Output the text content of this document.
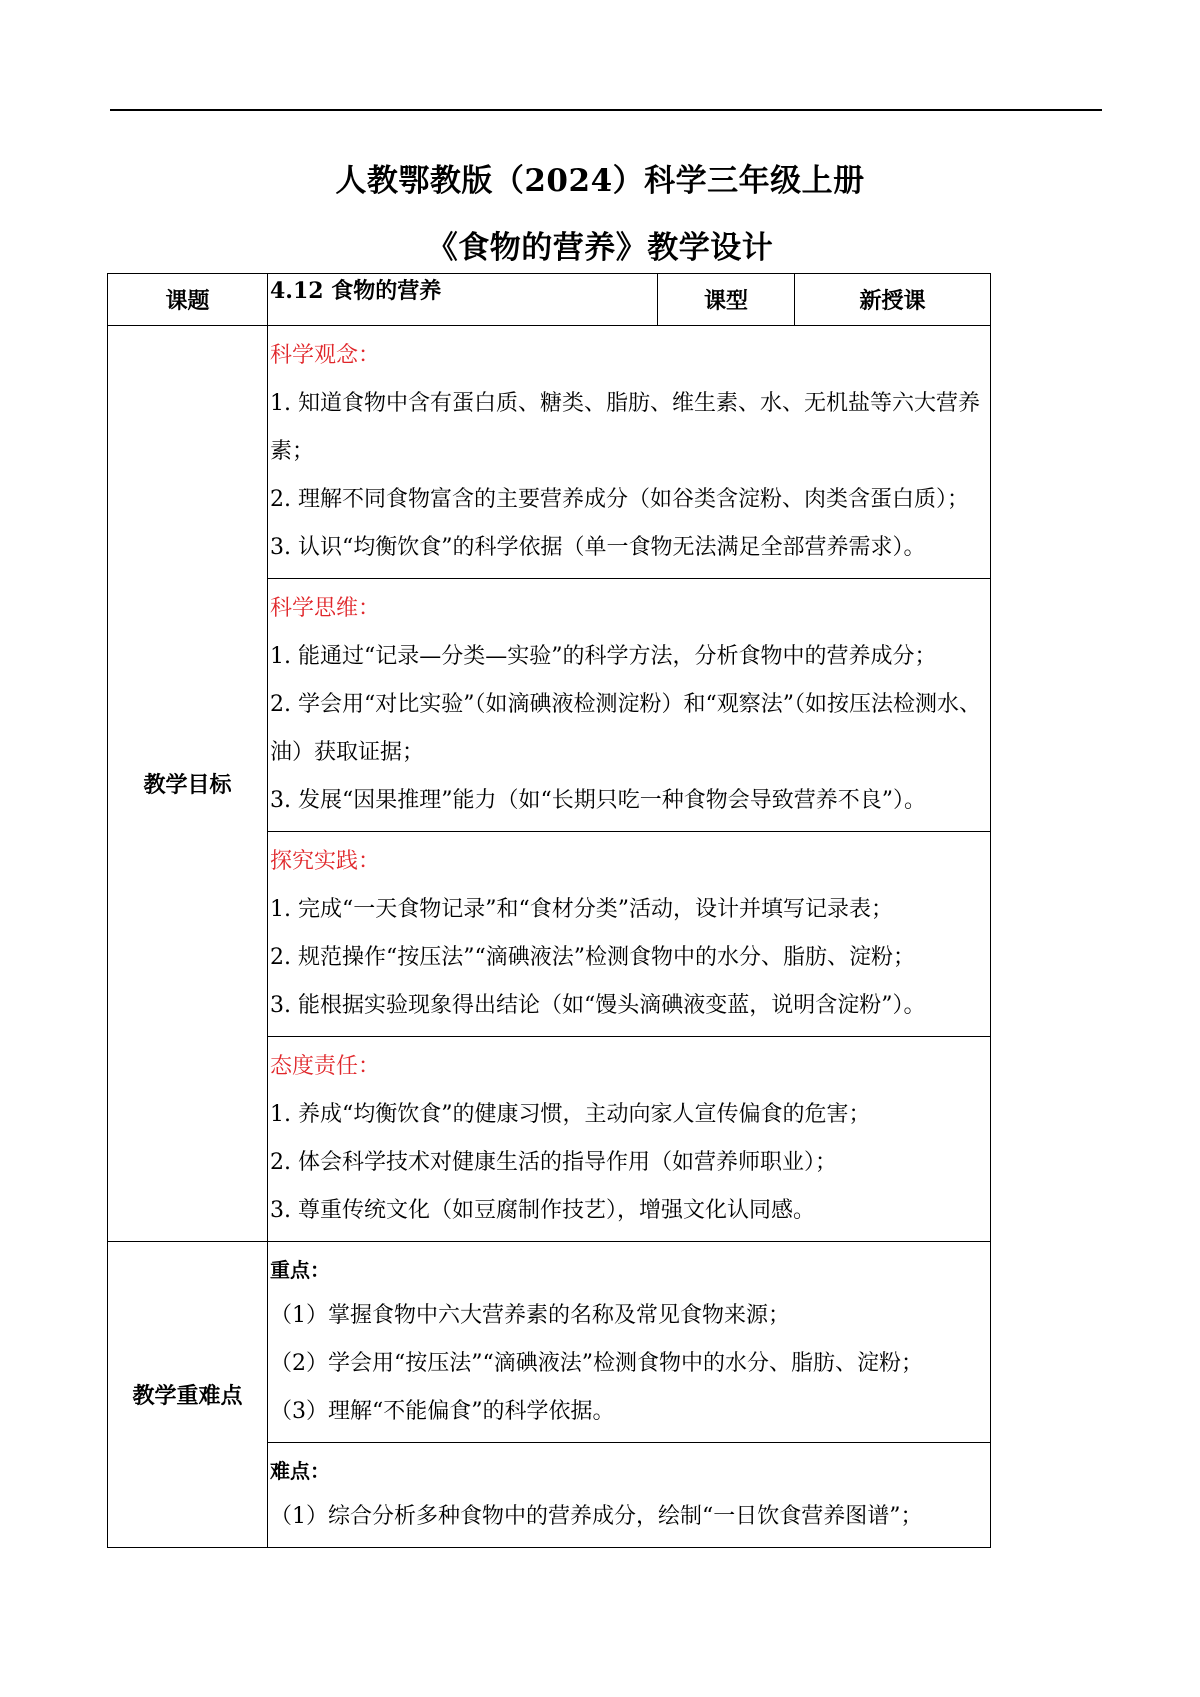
人教鄂教版（2024）科学三年级上册
《食物的营养》教学设计
课题	4.12 食物的营养	课型	新授课
教学目标	科学观念：
1. 知道食物中含有蛋白质、糖类、脂肪、维生素、水、无机盐等六大营养素；
2. 理解不同食物富含的主要营养成分（如谷类含淀粉、肉类含蛋白质）；
3. 认识“均衡饮食”的科学依据（单一食物无法满足全部营养需求）。		

	科学思维：
1. 能通过“记录—分类—实验”的科学方法，分析食物中的营养成分；
2. 学会用“对比实验”（如滴碘液检测淀粉）和“观察法”（如按压法检测水、油）获取证据；
3. 发展“因果推理”能力（如“长期只吃一种食物会导致营养不良”）。		

	探究实践：
1. 完成“一天食物记录”和“食材分类”活动，设计并填写记录表；
2. 规范操作“按压法”“滴碘液法”检测食物中的水分、脂肪、淀粉；
3. 能根据实验现象得出结论（如“馒头滴碘液变蓝，说明含淀粉”）。		

	态度责任：
1. 养成“均衡饮食”的健康习惯，主动向家人宣传偏食的危害；
2. 体会科学技术对健康生活的指导作用（如营养师职业）；
3. 尊重传统文化（如豆腐制作技艺），增强文化认同感。		

教学重难点	重点：
（1）掌握食物中六大营养素的名称及常见食物来源；
（2）学会用“按压法”“滴碘液法”检测食物中的水分、脂肪、淀粉；
（3）理解“不能偏食”的科学依据。		

	难点：
（1）综合分析多种食物中的营养成分，绘制“一日饮食营养图谱”；		
